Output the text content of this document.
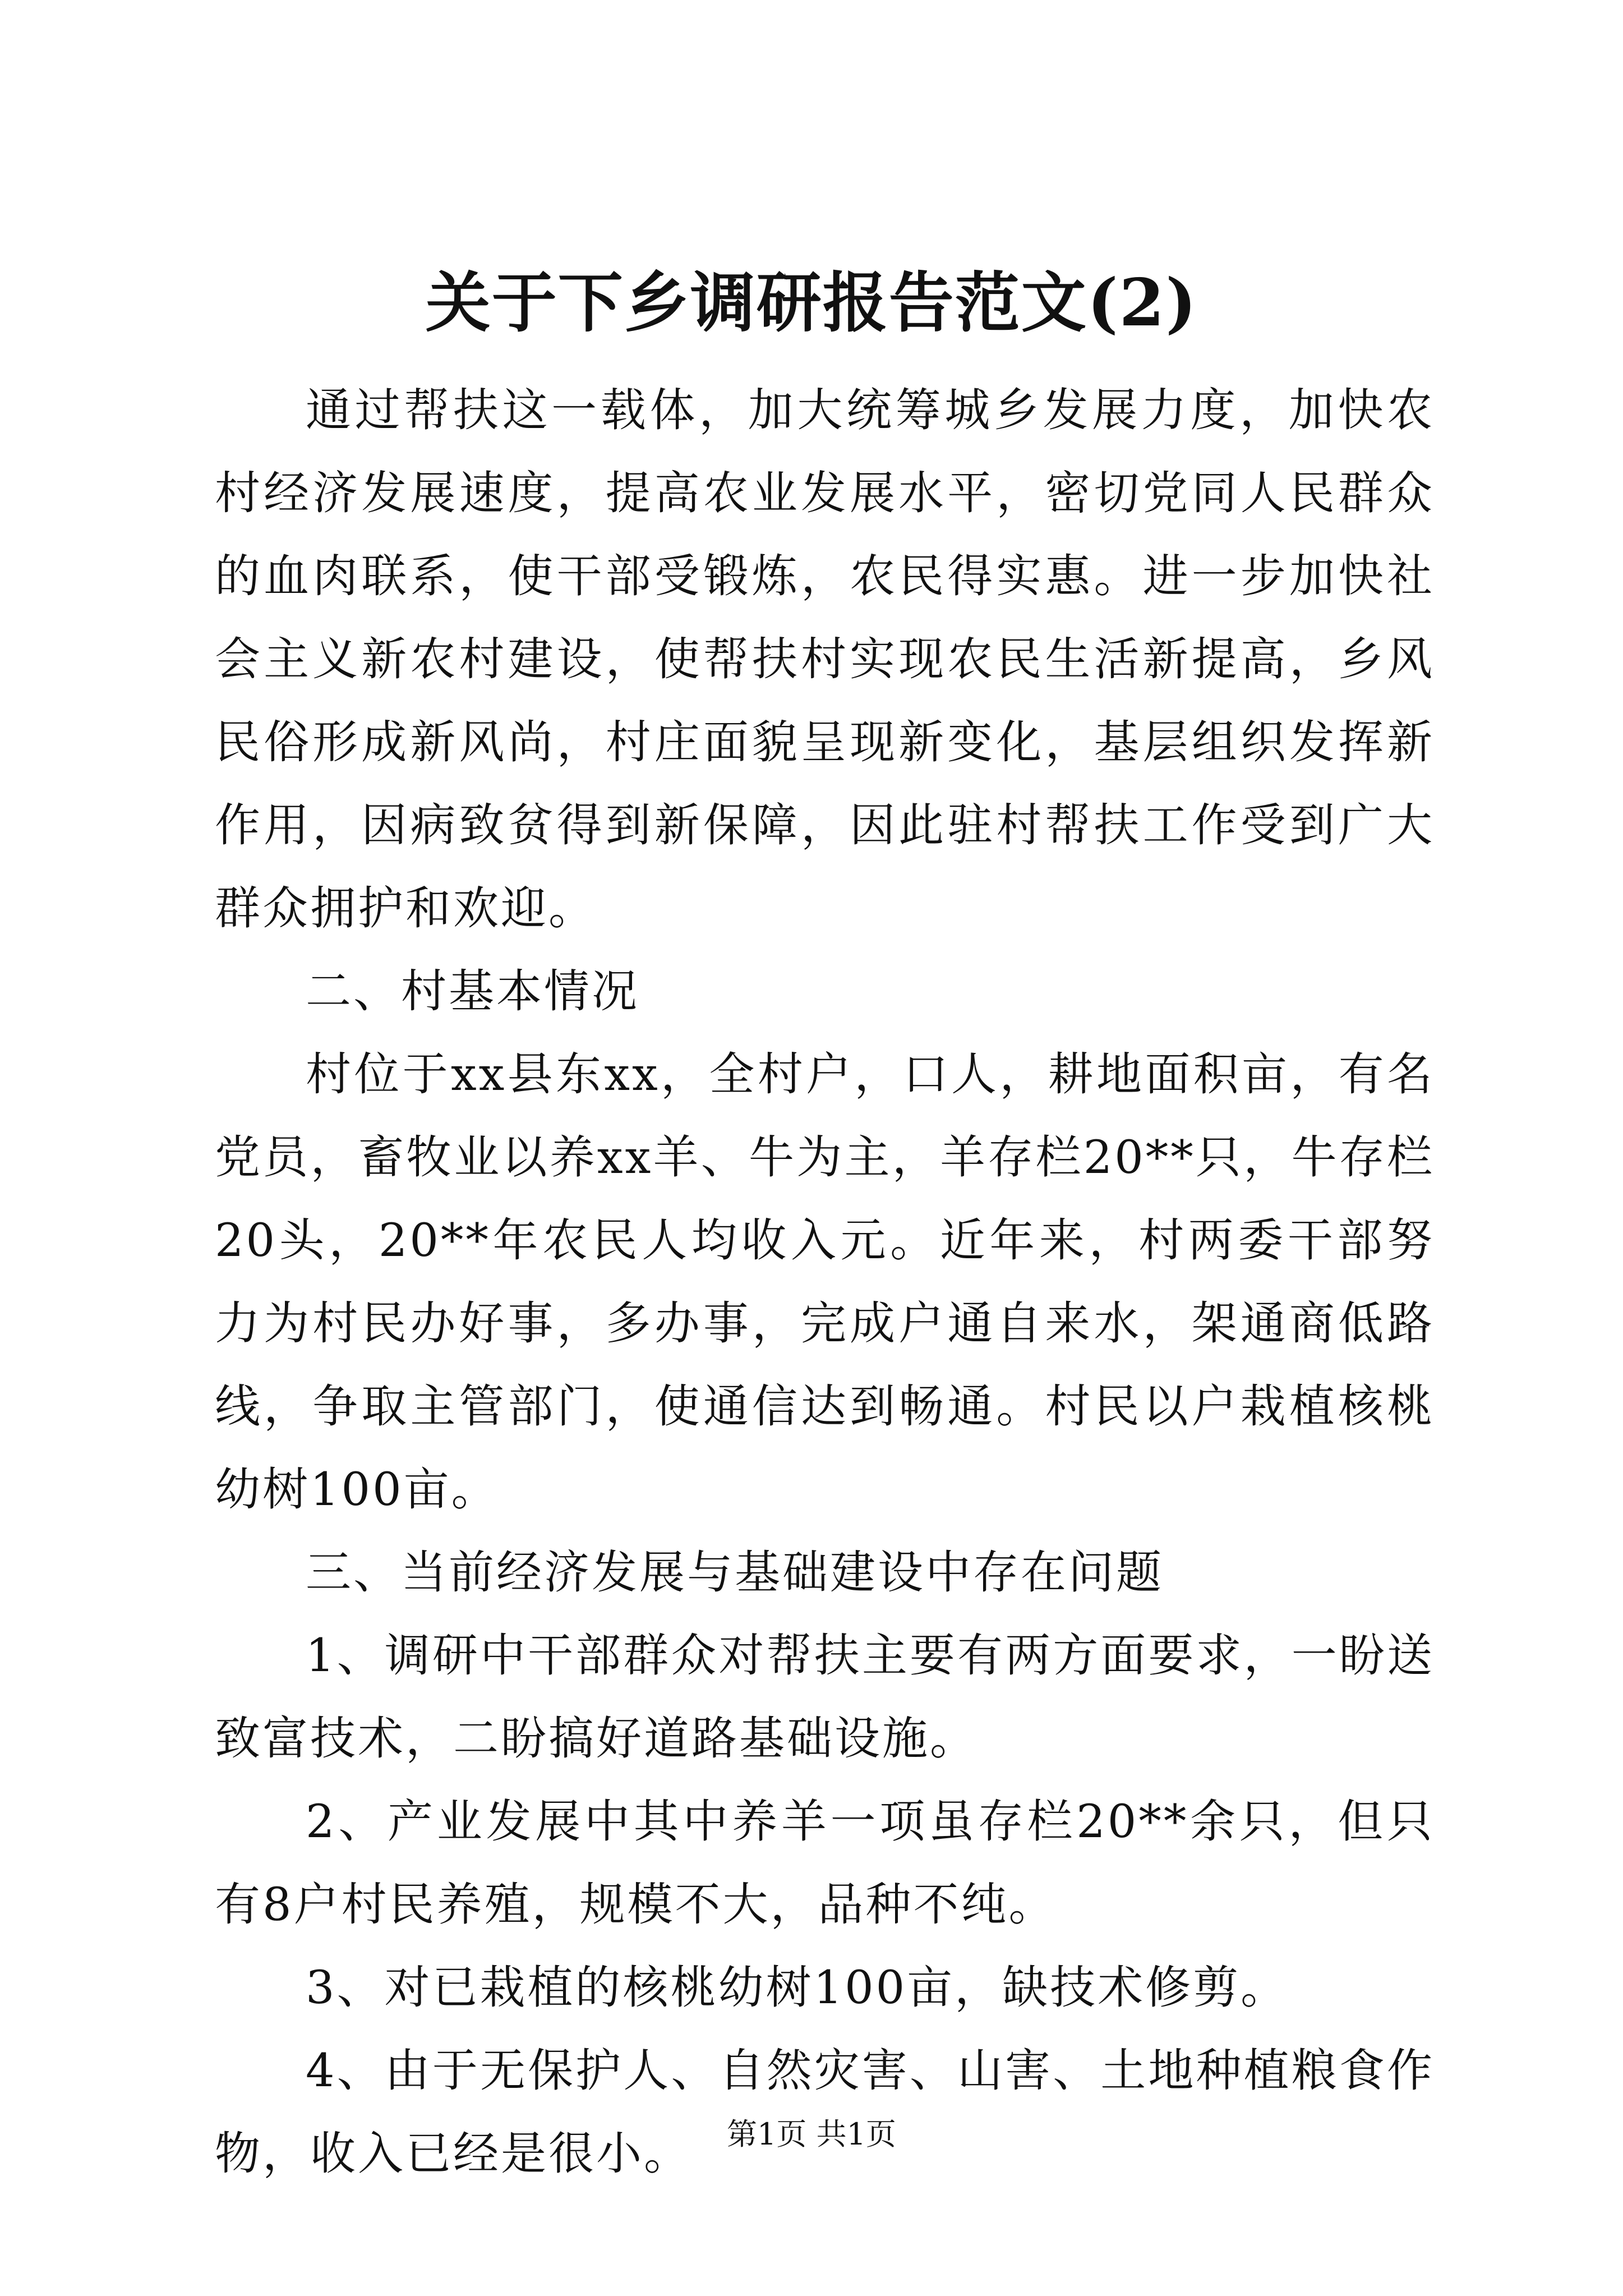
关于下乡调研报告范文(2)

通过帮扶这一载体，加大统筹城乡发展力度，加快农村经济发展速度，提高农业发展水平，密切党同人民群众的血肉联系，使干部受锻炼，农民得实惠。进一步加快社会主义新农村建设，使帮扶村实现农民生活新提高，乡风民俗形成新风尚，村庄面貌呈现新变化，基层组织发挥新作用，因病致贫得到新保障，因此驻村帮扶工作受到广大群众拥护和欢迎。

二、村基本情况

村位于xx县东xx，全村户，口人，耕地面积亩，有名党员，畜牧业以养xx羊、牛为主，羊存栏20**只，牛存栏20头，20**年农民人均收入元。近年来，村两委干部努力为村民办好事，多办事，完成户通自来水，架通商低路线，争取主管部门，使通信达到畅通。村民以户栽植核桃幼树100亩。

三、当前经济发展与基础建设中存在问题

1、调研中干部群众对帮扶主要有两方面要求，一盼送致富技术，二盼搞好道路基础设施。

2、产业发展中其中养羊一项虽存栏20**余只，但只有8户村民养殖，规模不大，品种不纯。

3、对已栽植的核桃幼树100亩，缺技术修剪。

4、由于无保护人、自然灾害、山害、土地种植粮食作物，收入已经是很小。	第1页 共1页
